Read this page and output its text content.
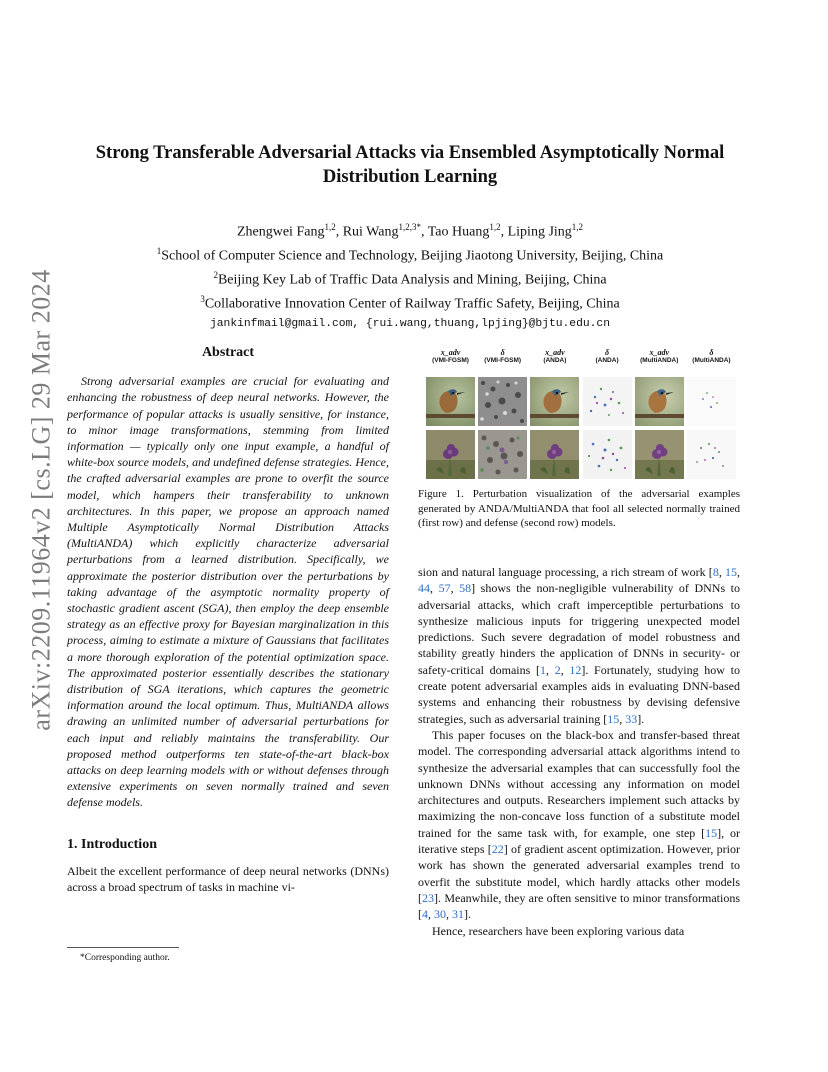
arXiv:2209.11964v2 [cs.LG] 29 Mar 2024
Strong Transferable Adversarial Attacks via Ensembled Asymptotically Normal Distribution Learning
Zhengwei Fang$^{1,2}$, Rui Wang$^{1,2,3*}$, Tao Huang$^{1,2}$, Liping Jing$^{1,2}$
$^1$School of Computer Science and Technology, Beijing Jiaotong University, Beijing, China
$^2$Beijing Key Lab of Traffic Data Analysis and Mining, Beijing, China
$^3$Collaborative Innovation Center of Railway Traffic Safety, Beijing, China
jankinfmail@gmail.com, {rui.wang,thuang,lpjing}@bjtu.edu.cn
Abstract

Strong adversarial examples are crucial for evaluating and enhancing the robustness of deep neural networks. However, the performance of popular attacks is usually sensitive, for instance, to minor image transformations, stemming from limited information — typically only one input example, a handful of white-box source models, and undefined defense strategies. Hence, the crafted adversarial examples are prone to overfit the source model, which hampers their transferability to unknown architectures. In this paper, we propose an approach named Multiple Asymptotically Normal Distribution Attacks (MultiANDA) which explicitly characterize adversarial perturbations from a learned distribution. Specifically, we approximate the posterior distribution over the perturbations by taking advantage of the asymptotic normality property of stochastic gradient ascent (SGA), then employ the deep ensemble strategy as an effective proxy for Bayesian marginalization in this process, aiming to estimate a mixture of Gaussians that facilitates a more thorough exploration of the potential optimization space. The approximated posterior essentially describes the stationary distribution of SGA iterations, which captures the geometric information around the local optimum. Thus, MultiANDA allows drawing an unlimited number of adversarial perturbations for each input and reliably maintains the transferability. Our proposed method outperforms ten state-of-the-art black-box attacks on deep learning models with or without defenses through extensive experiments on seven normally trained and seven defense models.

1. Introduction

Albeit the excellent performance of deep neural networks (DNNs) across a broad spectrum of tasks in machine vi-

*Corresponding author.
x_adv
(VMI-FGSM)
δ
(VMI-FGSM)
x_adv
(ANDA)
δ
(ANDA)
x_adv
(MultiANDA)
δ
(MultiANDA)
Figure 1. Perturbation visualization of the adversarial examples generated by ANDA/MultiANDA that fool all selected normally trained (first row) and defense (second row) models.

sion and natural language processing, a rich stream of work [8, 15, 44, 57, 58] shows the non-negligible vulnerability of DNNs to adversarial attacks, which craft imperceptible perturbations to synthesize malicious inputs for triggering unexpected model predictions. Such severe degradation of model robustness and stability greatly hinders the application of DNNs in security- or safety-critical domains [1, 2, 12]. Fortunately, studying how to create potent adversarial examples aids in evaluating DNN-based systems and enhancing their robustness by devising defensive strategies, such as adversarial training [15, 33].

This paper focuses on the black-box and transfer-based threat model. The corresponding adversarial attack algorithms intend to synthesize the adversarial examples that can successfully fool the unknown DNNs without accessing any information on model architectures and outputs. Researchers implement such attacks by maximizing the non-concave loss function of a substitute model trained for the same task with, for example, one step [15], or iterative steps [22] of gradient ascent optimization. However, prior work has shown the generated adversarial examples trend to overfit the substitute model, which hardly attacks other models [23]. Meanwhile, they are often sensitive to minor transformations [4, 30, 31].

Hence, researchers have been exploring various data
